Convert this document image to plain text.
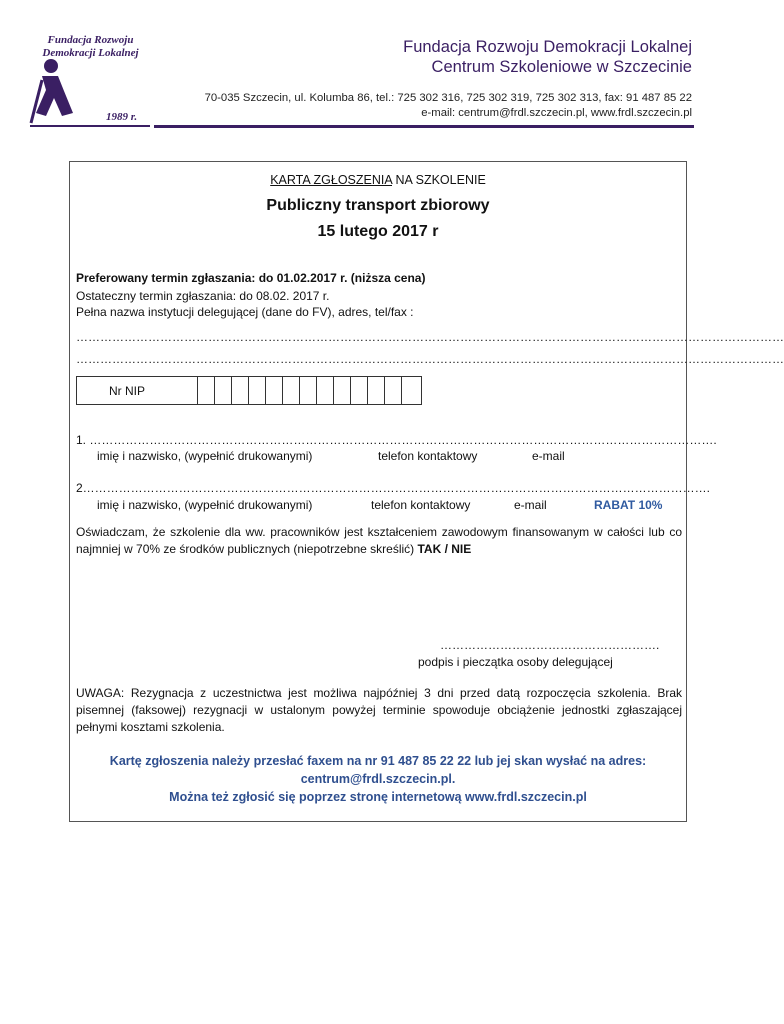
Fundacja Rozwoju
Demokracji Lokalnej
1989 r.
Fundacja Rozwoju Demokracji Lokalnej
Centrum Szkoleniowe w Szczecinie
70-035 Szczecin, ul. Kolumba 86, tel.: 725 302 316, 725 302 319, 725 302 313, fax: 91 487 85 22
e-mail: centrum@frdl.szczecin.pl, www.frdl.szczecin.pl
KARTA ZGŁOSZENIA NA SZKOLENIE
Publiczny transport zbiorowy
15 lutego 2017 r
Preferowany termin zgłaszania: do 01.02.2017 r. (niższa cena)
Ostateczny termin zgłaszania: do 08.02. 2017 r.
Pełna nazwa instytucji delegującej (dane do FV), adres, tel/fax :
……………………………………………………………………………………………………………………………………………………………
……………………………………………………………………………………………………………………………………………………………
Nr NIP
1. ………………………………………………………………………………………………………………………………………….
imię i nazwisko, (wypełnić drukowanymi)	telefon kontaktowy	e-mail
2………………………………………………………………………………………………………………………………………….
imię i nazwisko, (wypełnić drukowanymi)	telefon kontaktowy	e-mail	RABAT 10%
Oświadczam, że szkolenie dla ww. pracowników jest kształceniem zawodowym finansowanym w całości lub co najmniej w 70% ze środków publicznych (niepotrzebne skreślić) TAK / NIE
……………………………………………….
podpis i pieczątka osoby delegującej
UWAGA: Rezygnacja z uczestnictwa jest możliwa najpóźniej 3 dni przed datą rozpoczęcia szkolenia. Brak pisemnej (faksowej) rezygnacji w ustalonym powyżej terminie spowoduje obciążenie jednostki zgłaszającej pełnymi kosztami szkolenia.
Kartę zgłoszenia należy przesłać faxem na nr 91 487 85 22 22 lub jej skan wysłać na adres:
centrum@frdl.szczecin.pl.
Można też zgłosić się poprzez stronę internetową www.frdl.szczecin.pl
